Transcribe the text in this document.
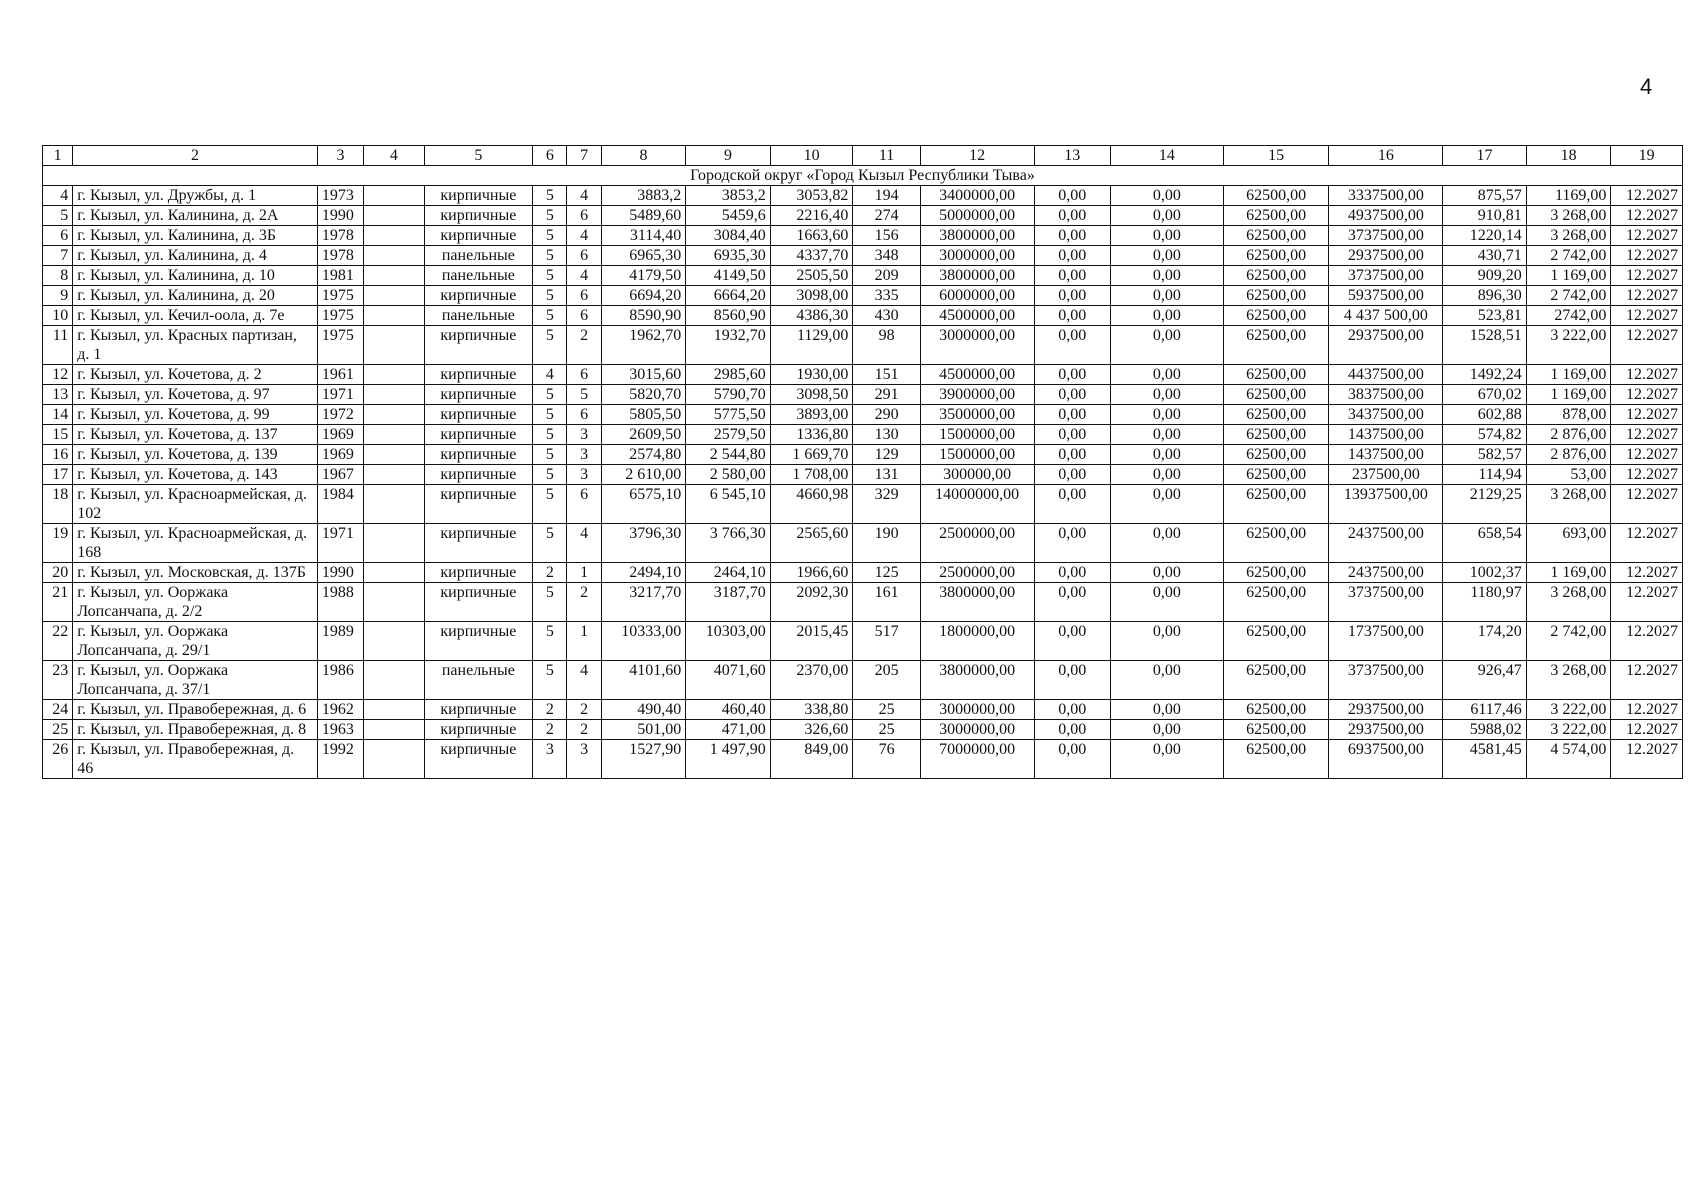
4
1	2	3	4	5	6	7	8	9	10	11	12	13	14	15	16	17	18	19
Городской округ «Город Кызыл Республики Тыва»																		
4	г. Кызыл, ул. Дружбы, д. 1	1973		кирпичные	5	4	3883,2	3853,2	3053,82	194	3400000,00	0,00	0,00	62500,00	3337500,00	875,57	1169,00	12.2027
5	г. Кызыл, ул. Калинина, д. 2А	1990		кирпичные	5	6	5489,60	5459,6	2216,40	274	5000000,00	0,00	0,00	62500,00	4937500,00	910,81	3 268,00	12.2027
6	г. Кызыл, ул. Калинина, д. 3Б	1978		кирпичные	5	4	3114,40	3084,40	1663,60	156	3800000,00	0,00	0,00	62500,00	3737500,00	1220,14	3 268,00	12.2027
7	г. Кызыл, ул. Калинина, д. 4	1978		панельные	5	6	6965,30	6935,30	4337,70	348	3000000,00	0,00	0,00	62500,00	2937500,00	430,71	2 742,00	12.2027
8	г. Кызыл, ул. Калинина, д. 10	1981		панельные	5	4	4179,50	4149,50	2505,50	209	3800000,00	0,00	0,00	62500,00	3737500,00	909,20	1 169,00	12.2027
9	г. Кызыл, ул. Калинина, д. 20	1975		кирпичные	5	6	6694,20	6664,20	3098,00	335	6000000,00	0,00	0,00	62500,00	5937500,00	896,30	2 742,00	12.2027
10	г. Кызыл, ул. Кечил-оола, д. 7е	1975		панельные	5	6	8590,90	8560,90	4386,30	430	4500000,00	0,00	0,00	62500,00	4 437 500,00	523,81	2742,00	12.2027
11	г. Кызыл, ул. Красных партизан, д. 1	1975		кирпичные	5	2	1962,70	1932,70	1129,00	98	3000000,00	0,00	0,00	62500,00	2937500,00	1528,51	3 222,00	12.2027
12	г. Кызыл, ул. Кочетова, д. 2	1961		кирпичные	4	6	3015,60	2985,60	1930,00	151	4500000,00	0,00	0,00	62500,00	4437500,00	1492,24	1 169,00	12.2027
13	г. Кызыл, ул. Кочетова, д. 97	1971		кирпичные	5	5	5820,70	5790,70	3098,50	291	3900000,00	0,00	0,00	62500,00	3837500,00	670,02	1 169,00	12.2027
14	г. Кызыл, ул. Кочетова, д. 99	1972		кирпичные	5	6	5805,50	5775,50	3893,00	290	3500000,00	0,00	0,00	62500,00	3437500,00	602,88	878,00	12.2027
15	г. Кызыл, ул. Кочетова, д. 137	1969		кирпичные	5	3	2609,50	2579,50	1336,80	130	1500000,00	0,00	0,00	62500,00	1437500,00	574,82	2 876,00	12.2027
16	г. Кызыл, ул. Кочетова, д. 139	1969		кирпичные	5	3	2574,80	2 544,80	1 669,70	129	1500000,00	0,00	0,00	62500,00	1437500,00	582,57	2 876,00	12.2027
17	г. Кызыл, ул. Кочетова, д. 143	1967		кирпичные	5	3	2 610,00	2 580,00	1 708,00	131	300000,00	0,00	0,00	62500,00	237500,00	114,94	53,00	12.2027
18	г. Кызыл, ул. Красноармейская, д. 102	1984		кирпичные	5	6	6575,10	6 545,10	4660,98	329	14000000,00	0,00	0,00	62500,00	13937500,00	2129,25	3 268,00	12.2027
19	г. Кызыл, ул. Красноармейская, д. 168	1971		кирпичные	5	4	3796,30	3 766,30	2565,60	190	2500000,00	0,00	0,00	62500,00	2437500,00	658,54	693,00	12.2027
20	г. Кызыл, ул. Московская, д. 137Б	1990		кирпичные	2	1	2494,10	2464,10	1966,60	125	2500000,00	0,00	0,00	62500,00	2437500,00	1002,37	1 169,00	12.2027
21	г. Кызыл, ул. Ооржака Лопсанчапа, д. 2/2	1988		кирпичные	5	2	3217,70	3187,70	2092,30	161	3800000,00	0,00	0,00	62500,00	3737500,00	1180,97	3 268,00	12.2027
22	г. Кызыл, ул. Ооржака Лопсанчапа, д. 29/1	1989		кирпичные	5	1	10333,00	10303,00	2015,45	517	1800000,00	0,00	0,00	62500,00	1737500,00	174,20	2 742,00	12.2027
23	г. Кызыл, ул. Ооржака Лопсанчапа, д. 37/1	1986		панельные	5	4	4101,60	4071,60	2370,00	205	3800000,00	0,00	0,00	62500,00	3737500,00	926,47	3 268,00	12.2027
24	г. Кызыл, ул. Правобережная, д. 6	1962		кирпичные	2	2	490,40	460,40	338,80	25	3000000,00	0,00	0,00	62500,00	2937500,00	6117,46	3 222,00	12.2027
25	г. Кызыл, ул. Правобережная, д. 8	1963		кирпичные	2	2	501,00	471,00	326,60	25	3000000,00	0,00	0,00	62500,00	2937500,00	5988,02	3 222,00	12.2027
26	г. Кызыл, ул. Правобережная, д. 46	1992		кирпичные	3	3	1527,90	1 497,90	849,00	76	7000000,00	0,00	0,00	62500,00	6937500,00	4581,45	4 574,00	12.2027
